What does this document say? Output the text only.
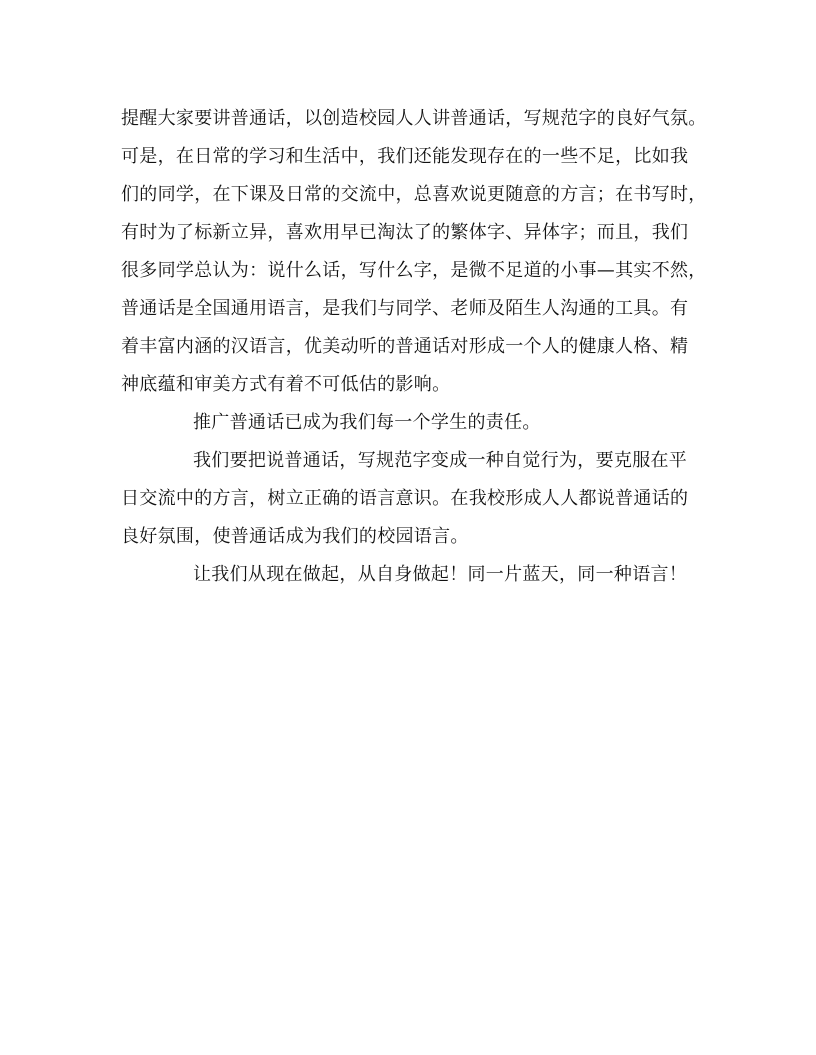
提醒大家要讲普通话，以创造校园人人讲普通话，写规范字的良好气氛。
可是，在日常的学习和生活中，我们还能发现存在的一些不足，比如我
们的同学，在下课及日常的交流中，总喜欢说更随意的方言；在书写时，
有时为了标新立异，喜欢用早已淘汰了的繁体字、异体字；而且，我们
很多同学总认为：说什么话，写什么字，是微不足道的小事—其实不然，
普通话是全国通用语言，是我们与同学、老师及陌生人沟通的工具。有
着丰富内涵的汉语言，优美动听的普通话对形成一个人的健康人格、精
神底蕴和审美方式有着不可低估的影响。
推广普通话已成为我们每一个学生的责任。
我们要把说普通话，写规范字变成一种自觉行为，要克服在平
日交流中的方言，树立正确的语言意识。在我校形成人人都说普通话的
良好氛围，使普通话成为我们的校园语言。
让我们从现在做起，从自身做起！同一片蓝天，同一种语言！
